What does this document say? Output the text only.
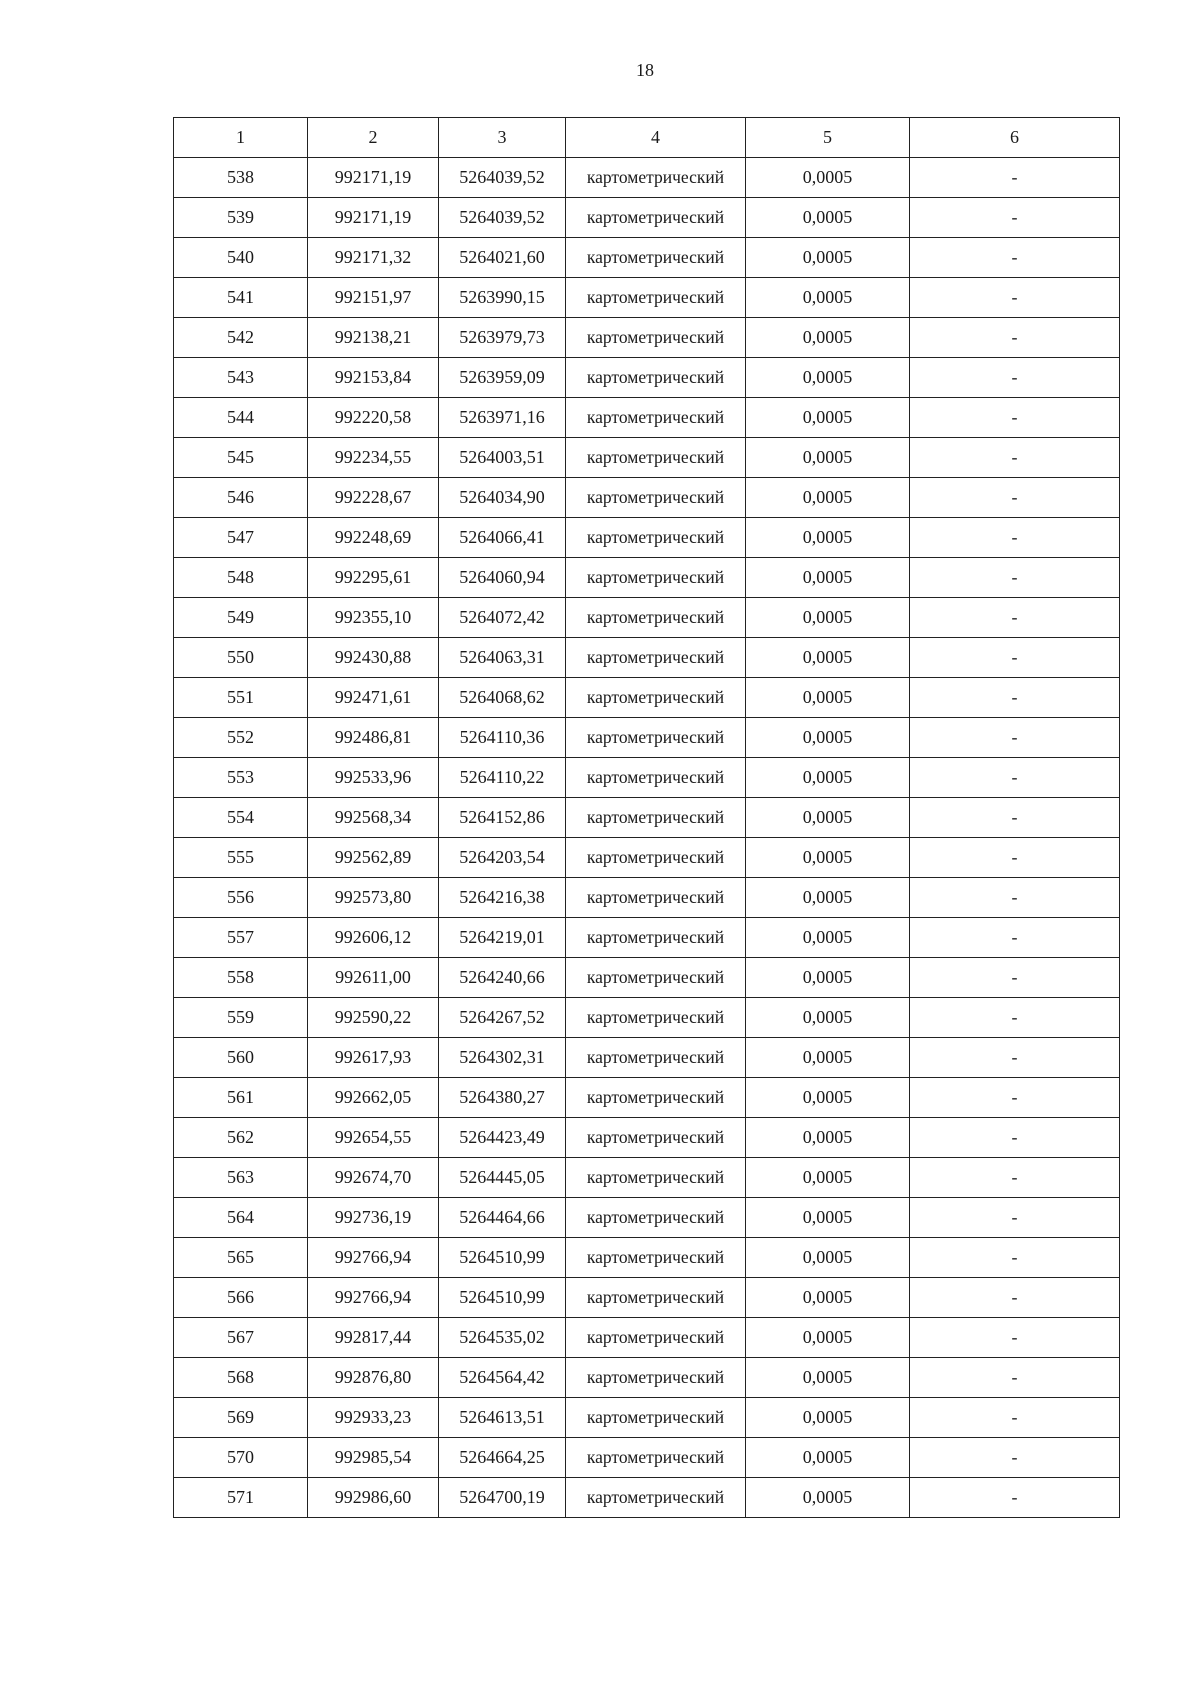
18
1	2	3	4	5	6
538	992171,19	5264039,52	картометрический	0,0005	-
539	992171,19	5264039,52	картометрический	0,0005	-
540	992171,32	5264021,60	картометрический	0,0005	-
541	992151,97	5263990,15	картометрический	0,0005	-
542	992138,21	5263979,73	картометрический	0,0005	-
543	992153,84	5263959,09	картометрический	0,0005	-
544	992220,58	5263971,16	картометрический	0,0005	-
545	992234,55	5264003,51	картометрический	0,0005	-
546	992228,67	5264034,90	картометрический	0,0005	-
547	992248,69	5264066,41	картометрический	0,0005	-
548	992295,61	5264060,94	картометрический	0,0005	-
549	992355,10	5264072,42	картометрический	0,0005	-
550	992430,88	5264063,31	картометрический	0,0005	-
551	992471,61	5264068,62	картометрический	0,0005	-
552	992486,81	5264110,36	картометрический	0,0005	-
553	992533,96	5264110,22	картометрический	0,0005	-
554	992568,34	5264152,86	картометрический	0,0005	-
555	992562,89	5264203,54	картометрический	0,0005	-
556	992573,80	5264216,38	картометрический	0,0005	-
557	992606,12	5264219,01	картометрический	0,0005	-
558	992611,00	5264240,66	картометрический	0,0005	-
559	992590,22	5264267,52	картометрический	0,0005	-
560	992617,93	5264302,31	картометрический	0,0005	-
561	992662,05	5264380,27	картометрический	0,0005	-
562	992654,55	5264423,49	картометрический	0,0005	-
563	992674,70	5264445,05	картометрический	0,0005	-
564	992736,19	5264464,66	картометрический	0,0005	-
565	992766,94	5264510,99	картометрический	0,0005	-
566	992766,94	5264510,99	картометрический	0,0005	-
567	992817,44	5264535,02	картометрический	0,0005	-
568	992876,80	5264564,42	картометрический	0,0005	-
569	992933,23	5264613,51	картометрический	0,0005	-
570	992985,54	5264664,25	картометрический	0,0005	-
571	992986,60	5264700,19	картометрический	0,0005	-
